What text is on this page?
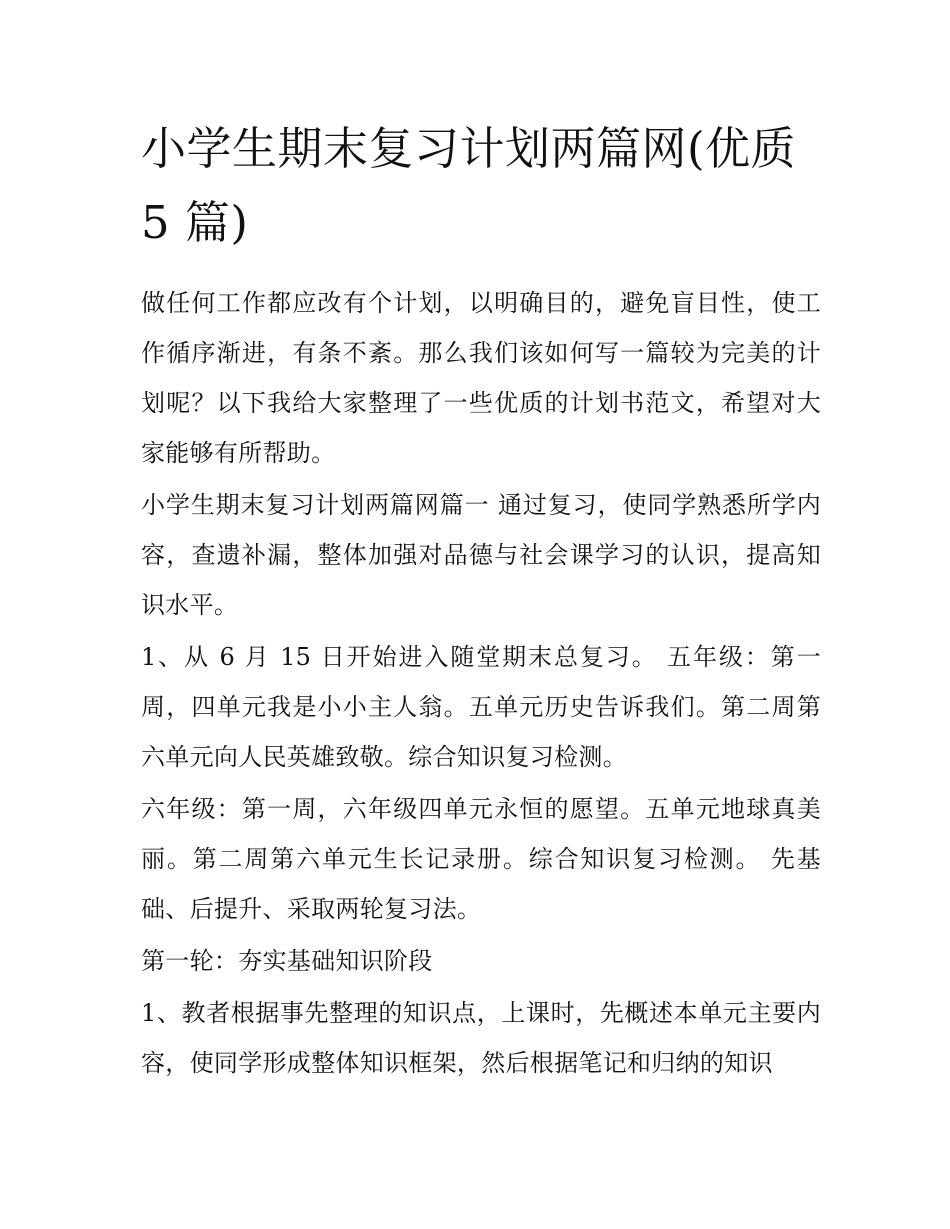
小学生期末复习计划两篇网(优质 5 篇)

做任何工作都应改有个计划，以明确目的，避免盲目性，使工作循序渐进，有条不紊。那么我们该如何写一篇较为完美的计划呢？以下我给大家整理了一些优质的计划书范文，希望对大家能够有所帮助。

小学生期末复习计划两篇网篇一 通过复习，使同学熟悉所学内容，查遗补漏，整体加强对品德与社会课学习的认识，提高知识水平。

1、从 6 月 15 日开始进入随堂期末总复习。 五年级：第一周，四单元我是小小主人翁。五单元历史告诉我们。第二周第六单元向人民英雄致敬。综合知识复习检测。

六年级：第一周，六年级四单元永恒的愿望。五单元地球真美丽。第二周第六单元生长记录册。综合知识复习检测。 先基础、后提升、采取两轮复习法。

第一轮：夯实基础知识阶段

1、教者根据事先整理的知识点，上课时，先概述本单元主要内容，使同学形成整体知识框架，然后根据笔记和归纳的知识
